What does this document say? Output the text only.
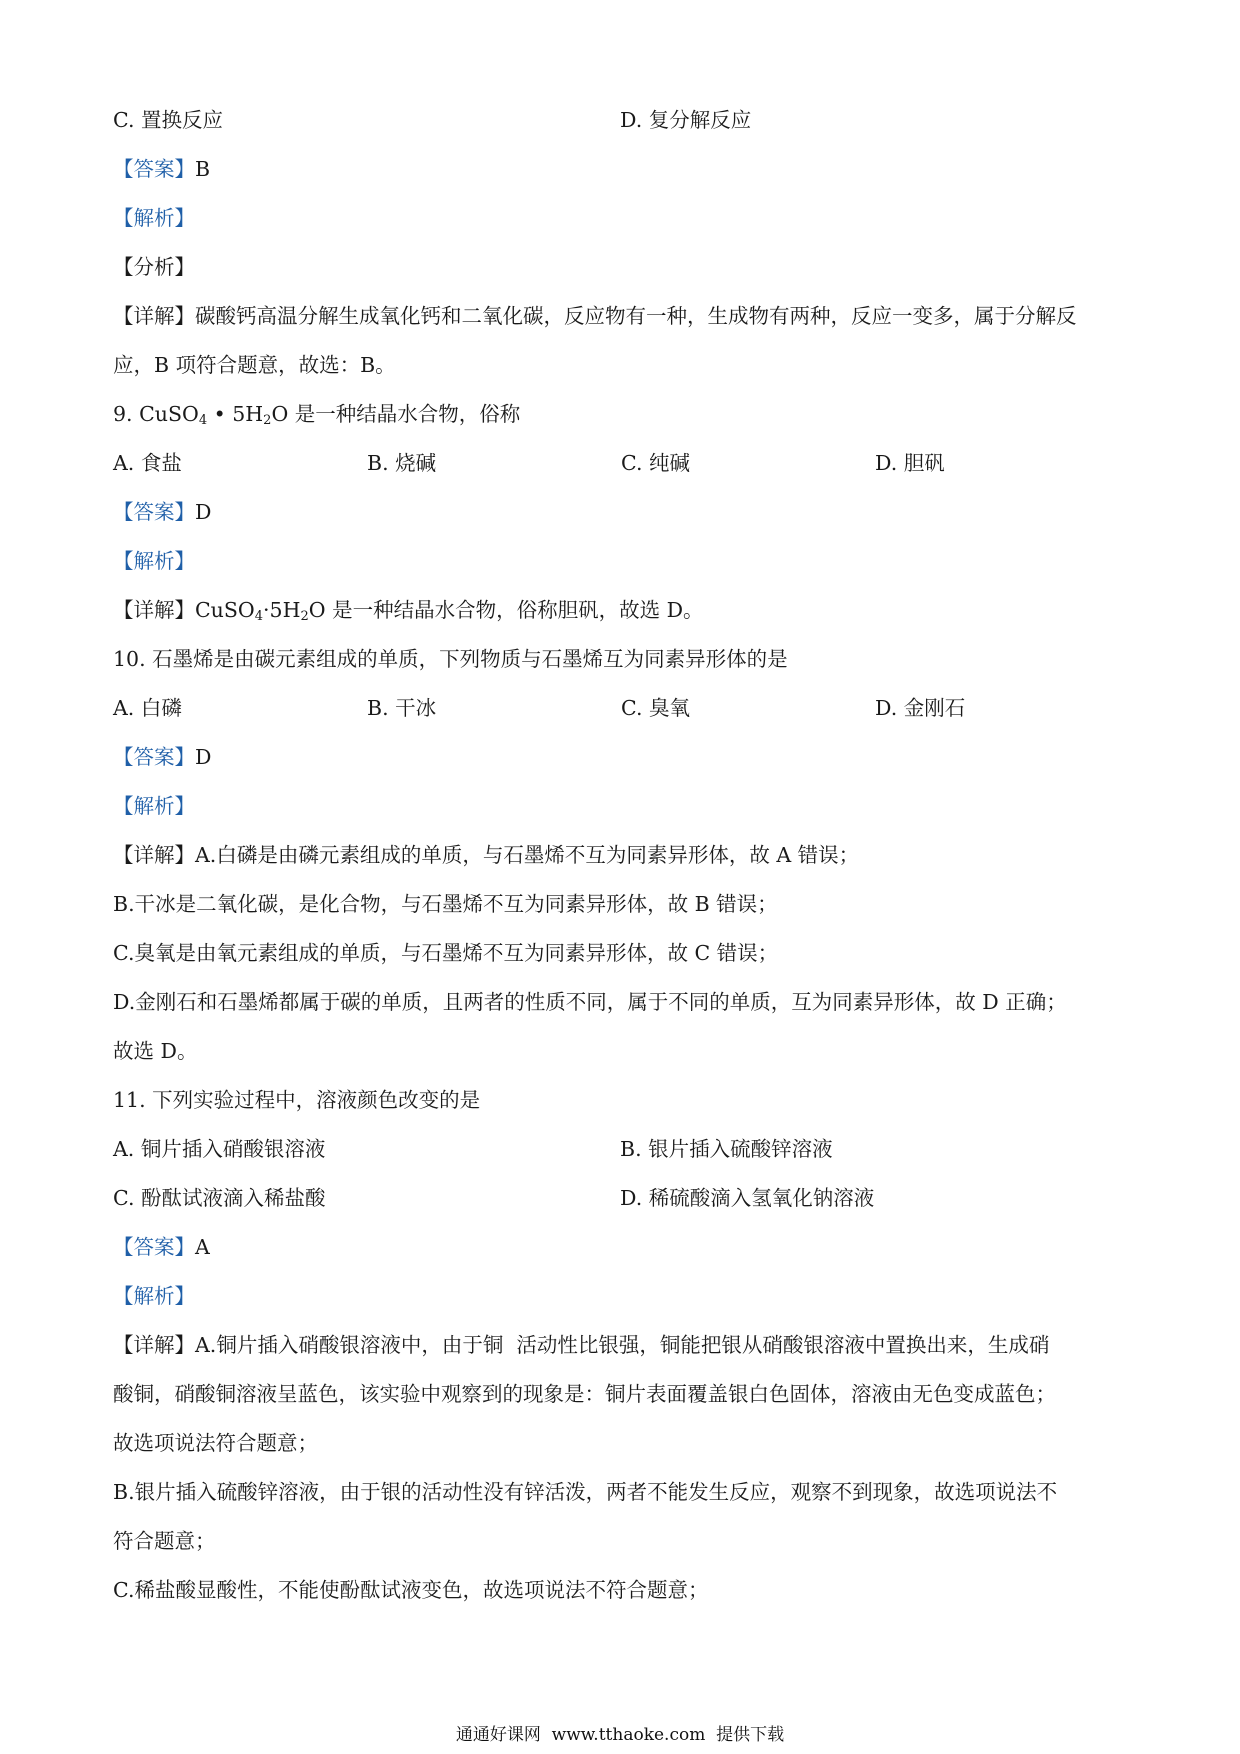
C. 置换反应	D. 复分解反应
【答案】B
【解析】
【分析】
【详解】碳酸钙高温分解生成氧化钙和二氧化碳，反应物有一种，生成物有两种，反应一变多，属于分解反
应，B 项符合题意，故选：B。
9. CuSO$_4$ • $5H_2O$ 是一种结晶水合物，俗称
A. 食盐	B. 烧碱	C. 纯碱	D. 胆矾
【答案】D
【解析】
【详解】$CuSO_4\cdot 5H_2O$ 是一种结晶水合物，俗称胆矾，故选 D。
10. 石墨烯是由碳元素组成的单质，下列物质与石墨烯互为同素异形体的是
A. 白磷	B. 干冰	C. 臭氧	D. 金刚石
【答案】D
【解析】
【详解】A.白磷是由磷元素组成的单质，与石墨烯不互为同素异形体，故 A 错误；
B.干冰是二氧化碳，是化合物，与石墨烯不互为同素异形体，故 B 错误；
C.臭氧是由氧元素组成的单质，与石墨烯不互为同素异形体，故 C 错误；
D.金刚石和石墨烯都属于碳的单质，且两者的性质不同，属于不同的单质，互为同素异形体，故 D 正确；
故选 D。
11. 下列实验过程中，溶液颜色改变的是
A. 铜片插入硝酸银溶液	B. 银片插入硫酸锌溶液
C. 酚酞试液滴入稀盐酸	D. 稀硫酸滴入氢氧化钠溶液
【答案】A
【解析】
【详解】A.铜片插入硝酸银溶液中，由于铜  活动性比银强，铜能把银从硝酸银溶液中置换出来，生成硝
酸铜，硝酸铜溶液呈蓝色，该实验中观察到的现象是：铜片表面覆盖银白色固体，溶液由无色变成蓝色；
故选项说法符合题意；
B.银片插入硫酸锌溶液，由于银的活动性没有锌活泼，两者不能发生反应，观察不到现象，故选项说法不
符合题意；
C.稀盐酸显酸性，不能使酚酞试液变色，故选项说法不符合题意；
通通好课网  www.tthaoke.com  提供下载
